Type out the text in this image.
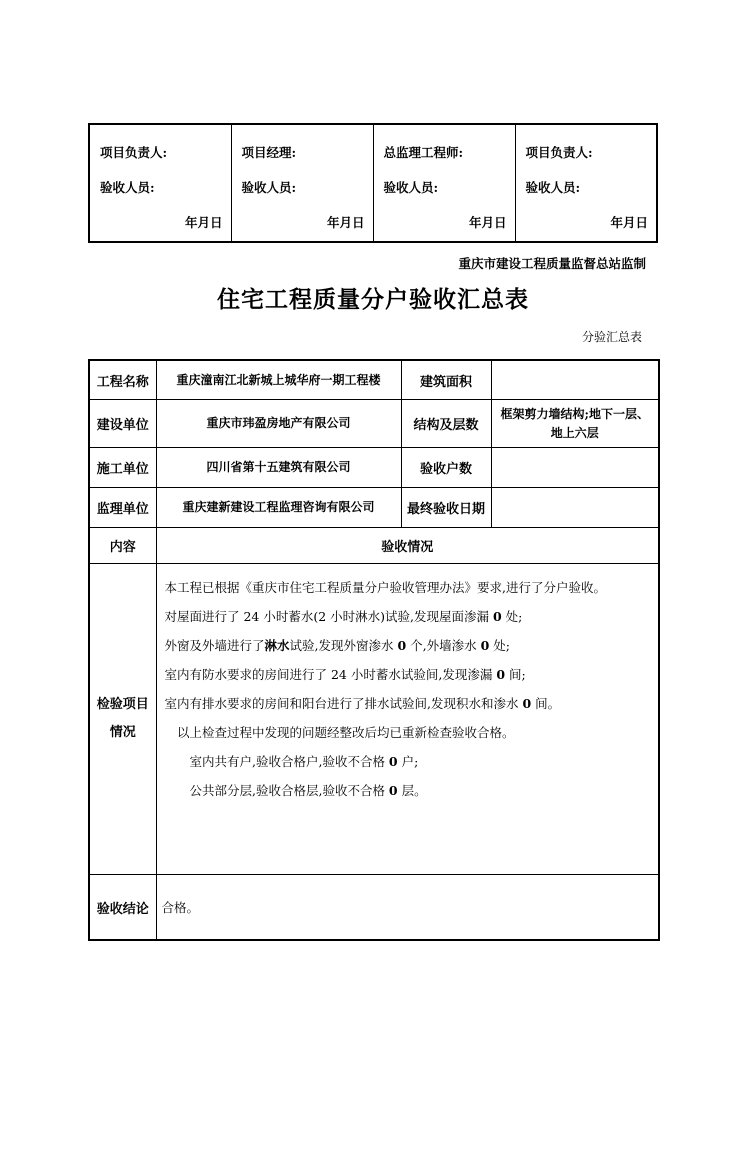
项目负责人:
验收人员:
年月日

项目经理:
验收人员:
年月日

总监理工程师:
验收人员:
年月日

项目负责人:
验收人员:
年月日
重庆市建设工程质量监督总站监制
住宅工程质量分户验收汇总表
分验汇总表
工程名称	重庆潼南江北新城上城华府一期工程楼	建筑面积	
建设单位	重庆市玮盈房地产有限公司	结构及层数	框架剪力墙结构;地下一层、地上六层
施工单位	四川省第十五建筑有限公司	验收户数	
监理单位	重庆建新建设工程监理咨询有限公司	最终验收日期	
内容	验收情况		

检验项目
情况

本工程已根据《重庆市住宅工程质量分户验收管理办法》要求,进行了分户验收。
对屋面进行了 24 小时蓄水(2 小时淋水)试验,发现屋面渗漏 0 处;
外窗及外墙进行了淋水试验,发现外窗渗水 0 个,外墙渗水 0 处;
室内有防水要求的房间进行了 24 小时蓄水试验间,发现渗漏 0 间;
室内有排水要求的房间和阳台进行了排水试验间,发现积水和渗水 0 间。
　以上检查过程中发现的问题经整改后均已重新检查验收合格。
　　室内共有户,验收合格户,验收不合格 0 户;
　　公共部分层,验收合格层,验收不合格 0 层。

验收结论	合格。		
